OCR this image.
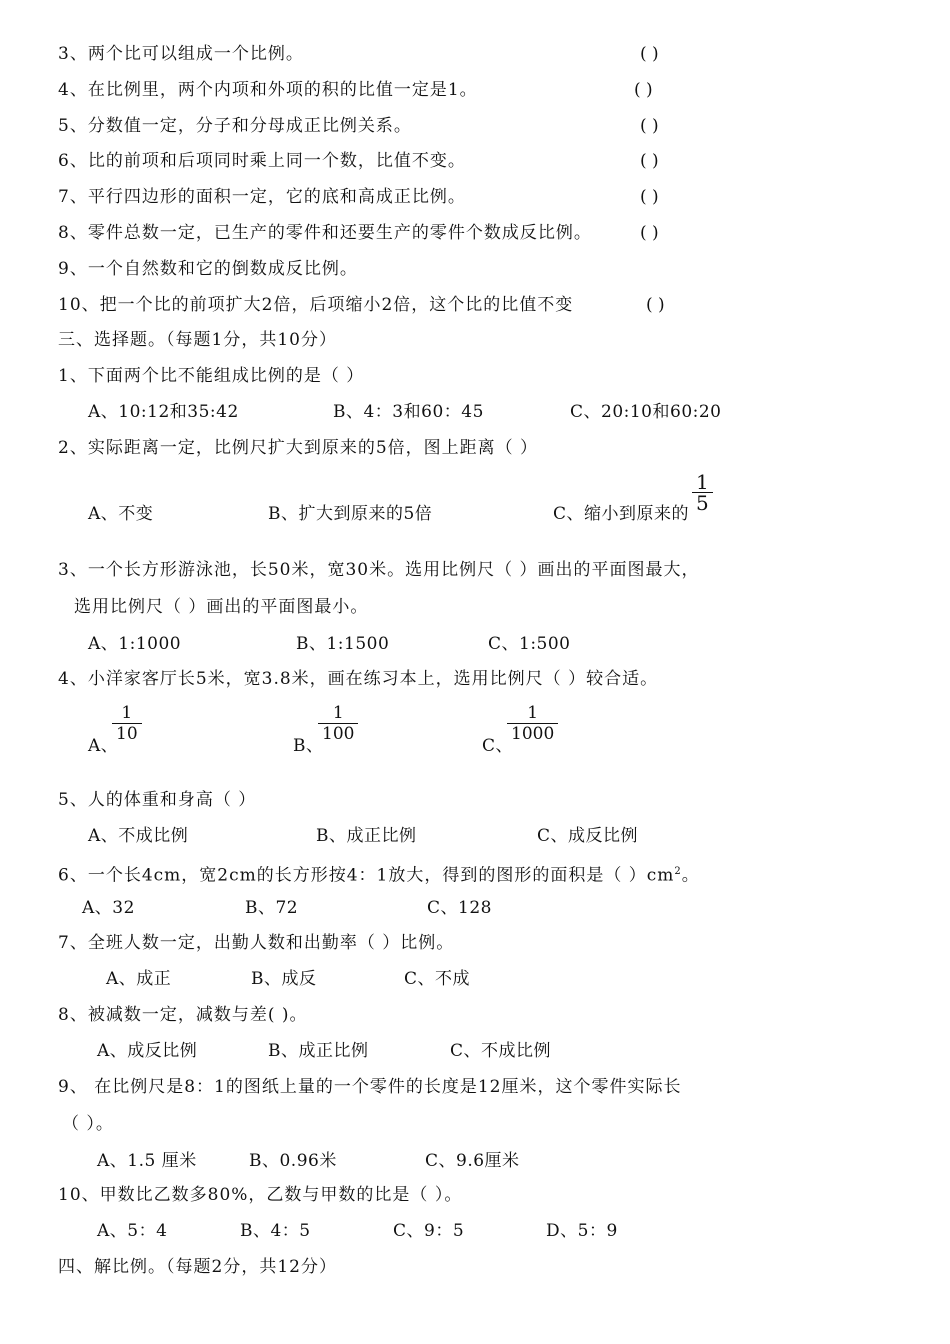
3、两个比可以组成一个比例。	( )
4、在比例里，两个内项和外项的积的比值一定是1。	( )
5、分数值一定，分子和分母成正比例关系。	( )
6、比的前项和后项同时乘上同一个数，比值不变。	( )
7、平行四边形的面积一定，它的底和高成正比例。	( )
8、零件总数一定，已生产的零件和还要生产的零件个数成反比例。	( )
9、一个自然数和它的倒数成反比例。
10、把一个比的前项扩大2倍，后项缩小2倍，这个比的比值不变	( )
三、选择题。（每题1分，共10分）
1、下面两个比不能组成比例的是（ ）
A、10:12和35:42	B、4：3和60：45	C、20:10和60:20
2、实际距离一定，比例尺扩大到原来的5倍，图上距离（ ）
A、不变	B、扩大到原来的5倍	C、缩小到原来的
1
5
3、一个长方形游泳池，长50米，宽30米。选用比例尺（ ）画出的平面图最大，
选用比例尺（ ）画出的平面图最小。
A、1:1000	B、1:1500	C、1:500
4、小洋家客厅长5米，宽3.8米，画在练习本上，选用比例尺（ ）较合适。
A、
1
10
B、
1
100
C、
1
1000
5、人的体重和身高（ ）
A、不成比例	B、成正比例	C、成反比例
6、一个长4cm，宽2cm的长方形按4：1放大，得到的图形的面积是（ ）$cm^2$。
A、32	B、72	C、128
7、全班人数一定，出勤人数和出勤率（ ）比例。
A、成正	B、成反	C、不成
8、被减数一定，减数与差( )。
A、成反比例	B、成正比例	C、不成比例
9、 在比例尺是8：1的图纸上量的一个零件的长度是12厘米，这个零件实际长
（ ）。
A、1.5 厘米	B、0.96米	C、9.6厘米
10、甲数比乙数多80%，乙数与甲数的比是（ ）。
A、5：4	B、4：5	C、9：5	D、5：9
四、解比例。（每题2分，共12分）
